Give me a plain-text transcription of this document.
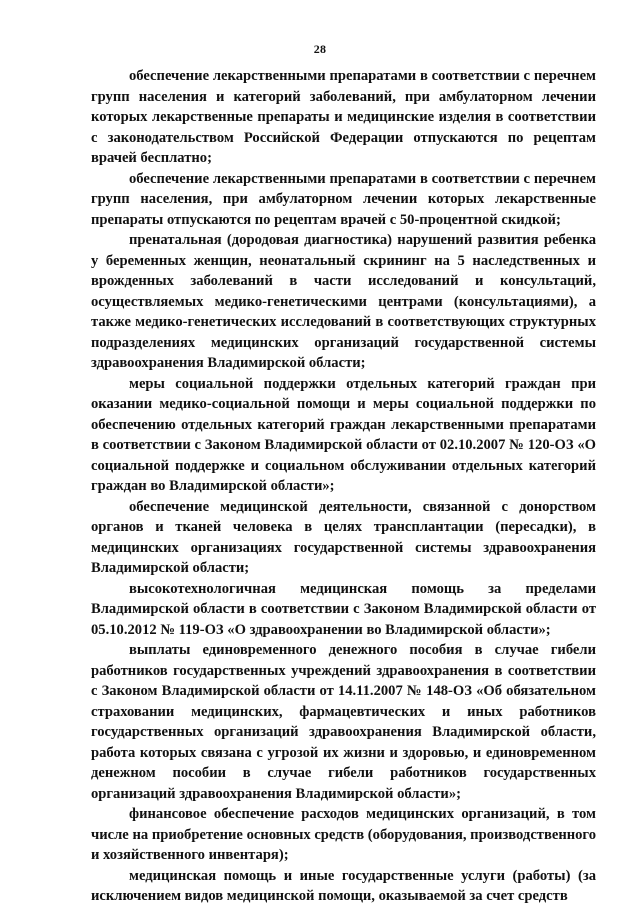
28

обеспечение лекарственными препаратами в соответствии с перечнем групп населения и категорий заболеваний, при амбулаторном лечении которых лекарственные препараты и медицинские изделия в соответствии с законодательством Российской Федерации отпускаются по рецептам врачей бесплатно;

обеспечение лекарственными препаратами в соответствии с перечнем групп населения, при амбулаторном лечении которых лекарственные препараты отпускаются по рецептам врачей с 50-процентной скидкой;

пренатальная (дородовая диагностика) нарушений развития ребенка у беременных женщин, неонатальный скрининг на 5 наследственных и врожденных заболеваний в части исследований и консультаций, осуществляемых медико-генетическими центрами (консультациями), а также медико-генетических исследований в соответствующих структурных подразделениях медицинских организаций государственной системы здравоохранения Владимирской области;

меры социальной поддержки отдельных категорий граждан при оказании медико-социальной помощи и меры социальной поддержки по обеспечению отдельных категорий граждан лекарственными препаратами в соответствии с Законом Владимирской области от 02.10.2007 № 120-ОЗ «О социальной поддержке и социальном обслуживании отдельных категорий граждан во Владимирской области»;

обеспечение медицинской деятельности, связанной с донорством органов и тканей человека в целях трансплантации (пересадки), в медицинских организациях государственной системы здравоохранения Владимирской области;

высокотехнологичная медицинская помощь за пределами Владимирской области в соответствии с Законом Владимирской области от 05.10.2012 № 119-ОЗ «О здравоохранении во Владимирской области»;

выплаты единовременного денежного пособия в случае гибели работников государственных учреждений здравоохранения в соответствии с Законом Владимирской области от 14.11.2007 № 148-ОЗ «Об обязательном страховании медицинских, фармацевтических и иных работников государственных организаций здравоохранения Владимирской области, работа которых связана с угрозой их жизни и здоровью, и единовременном денежном пособии в случае гибели работников государственных организаций здравоохранения Владимирской области»;

финансовое обеспечение расходов медицинских организаций, в том числе на приобретение основных средств (оборудования, производственного и хозяйственного инвентаря);

медицинская помощь и иные государственные услуги (работы) (за исключением видов медицинской помощи, оказываемой за счет средств
